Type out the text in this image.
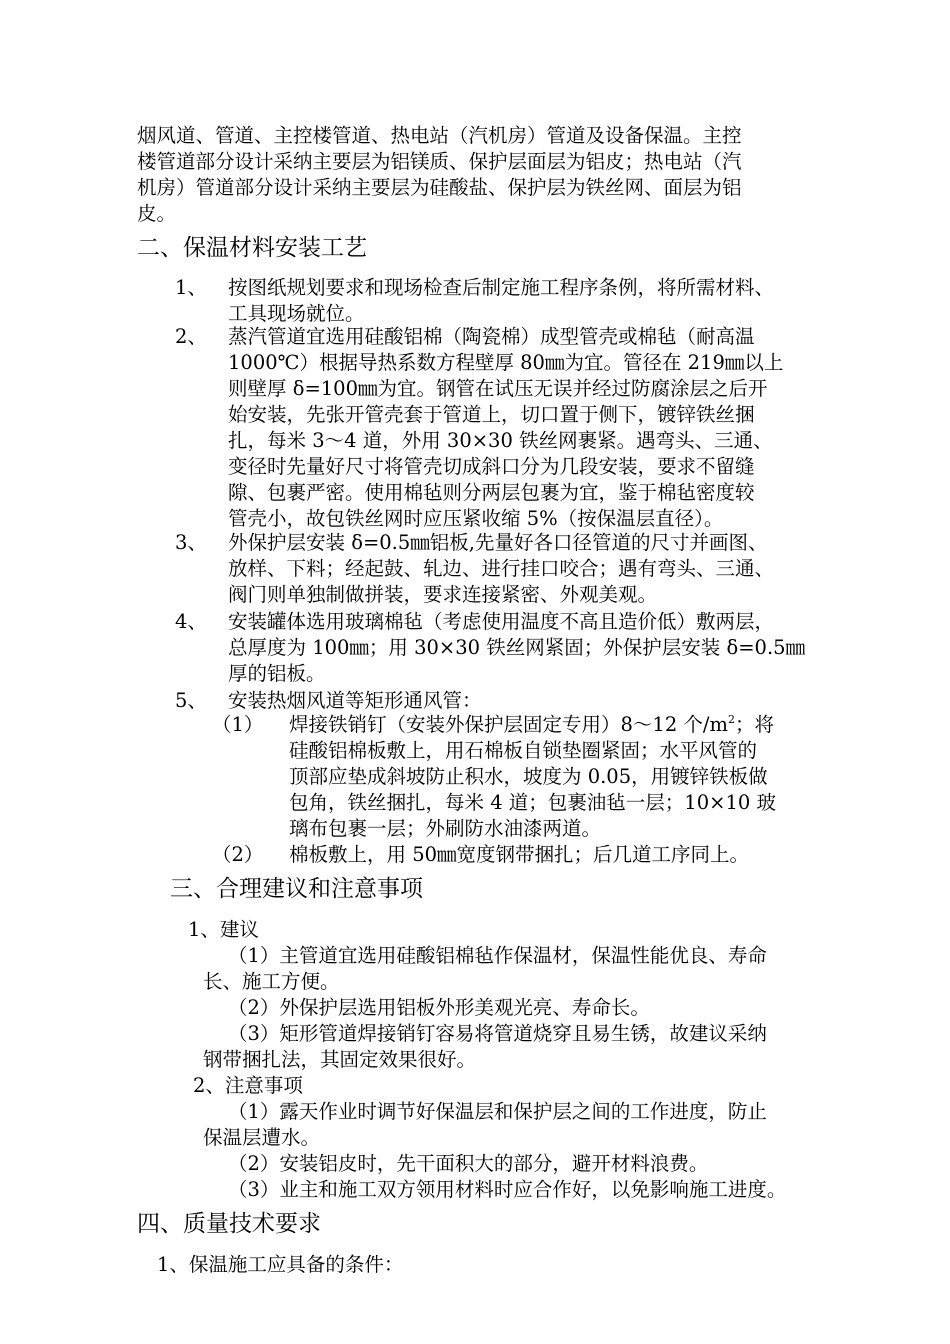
烟风道、管道、主控楼管道、热电站（汽机房）管道及设备保温。主控
楼管道部分设计采纳主要层为铝镁质、保护层面层为铝皮；热电站（汽
机房）管道部分设计采纳主要层为硅酸盐、保护层为铁丝网、面层为铝
皮。
二、保温材料安装工艺
1、 按图纸规划要求和现场检查后制定施工程序条例，将所需材料、
工具现场就位。
2、 蒸汽管道宜选用硅酸铝棉（陶瓷棉）成型管壳或棉毡（耐高温
1000℃）根据导热系数方程壁厚 80㎜为宜。管径在 219㎜以上
则壁厚 δ=100㎜为宜。钢管在试压无误并经过防腐涂层之后开
始安装，先张开管壳套于管道上，切口置于侧下，镀锌铁丝捆
扎，每米 3～4 道，外用 30×30 铁丝网裹紧。遇弯头、三通、
变径时先量好尺寸将管壳切成斜口分为几段安装，要求不留缝
隙、包裹严密。使用棉毡则分两层包裹为宜，鉴于棉毡密度较
管壳小，故包铁丝网时应压紧收缩 5%（按保温层直径）。
3、 外保护层安装 δ=0.5㎜铝板,先量好各口径管道的尺寸并画图、
放样、下料；经起鼓、轧边、进行挂口咬合；遇有弯头、三通、
阀门则单独制做拼装，要求连接紧密、外观美观。
4、 安装罐体选用玻璃棉毡（考虑使用温度不高且造价低）敷两层，
总厚度为 100㎜；用 30×30 铁丝网紧固；外保护层安装 δ=0.5㎜
厚的铝板。
5、 安装热烟风道等矩形通风管：
（1） 焊接铁销钉（安装外保护层固定专用）8～12 个$/m^2$；将
硅酸铝棉板敷上，用石棉板自锁垫圈紧固；水平风管的
顶部应垫成斜坡防止积水，坡度为 0.05，用镀锌铁板做
包角，铁丝捆扎，每米 4 道；包裹油毡一层；10×10 玻
璃布包裹一层；外刷防水油漆两道。
（2） 棉板敷上，用 50㎜宽度钢带捆扎；后几道工序同上。
三、合理建议和注意事项
1、建议
（1）主管道宜选用硅酸铝棉毡作保温材，保温性能优良、寿命
长、施工方便。
（2）外保护层选用铝板外形美观光亮、寿命长。
（3）矩形管道焊接销钉容易将管道烧穿且易生锈，故建议采纳
钢带捆扎法，其固定效果很好。
2、注意事项
（1）露天作业时调节好保温层和保护层之间的工作进度，防止
保温层遭水。
（2）安装铝皮时，先干面积大的部分，避开材料浪费。
（3）业主和施工双方领用材料时应合作好，以免影响施工进度。
四、质量技术要求
1、保温施工应具备的条件：
